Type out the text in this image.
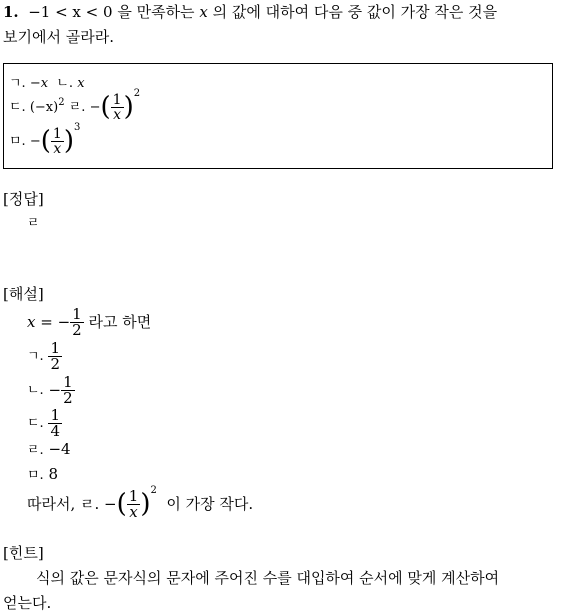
1. −1 < x < 0 을 만족하는 x 의 값에 대하여 다음 중 값이 가장 작은 것을
보기에서 골라라.
ㄱ. −x ㄴ. x
ㄷ.
$(-x)^2$
ㄹ.
− ( $\frac{1}{x}$ ) 2
ㅁ.
− ( $\frac{1}{x}$ ) 3
[정답]
ㄹ
[해설]
x = − $\frac{1}{2}$
라고 하면
ㄱ.
$\frac{1}{2}$
ㄴ.
− $\frac{1}{2}$
ㄷ.
$\frac{1}{4}$
ㄹ. −4
ㅁ. 8
따라서, ㄹ. − ( $\frac{1}{x}$ ) 2

이 가장 작다.
[힌트]
식의 값은 문자식의 문자에 주어진 수를 대입하여 순서에 맞게 계산하여
얻는다.
